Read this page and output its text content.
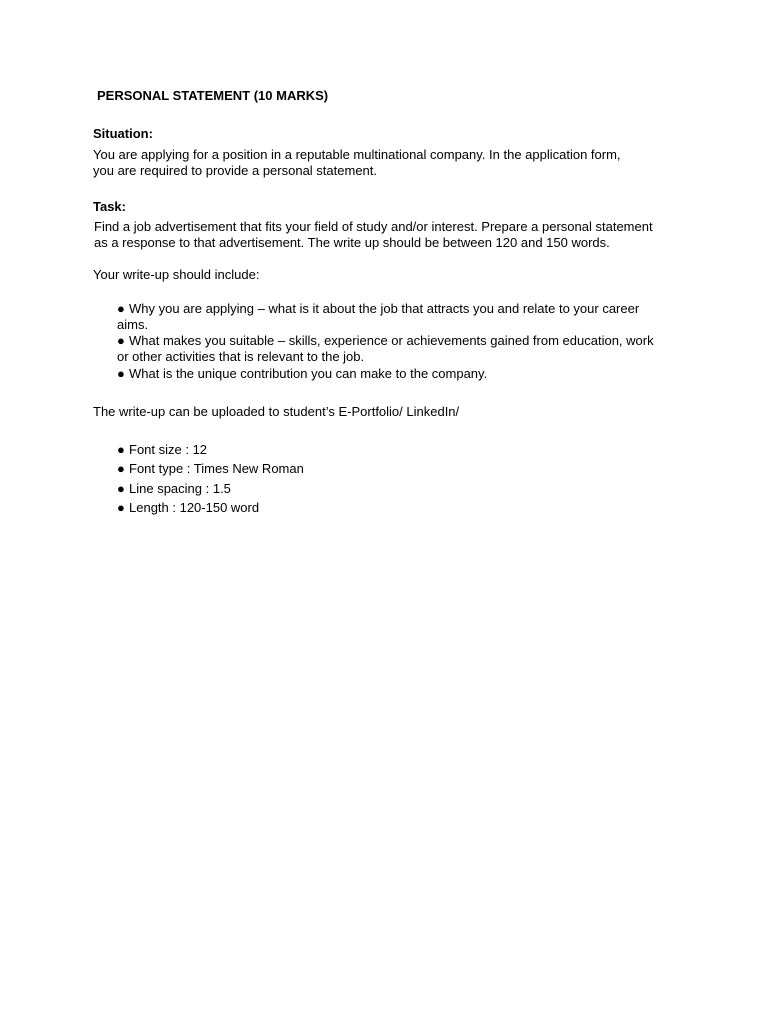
PERSONAL STATEMENT (10 MARKS)
Situation:
You are applying for a position in a reputable multinational company. In the application form,
you are required to provide a personal statement.
Task:
Find a job advertisement that fits your field of study and/or interest. Prepare a personal statement
as a response to that advertisement. The write up should be between 120 and 150 words.
Your write-up should include:
● Why you are applying – what is it about the job that attracts you and relate to your career
aims.
● What makes you suitable – skills, experience or achievements gained from education, work
or other activities that is relevant to the job.
● What is the unique contribution you can make to the company.
The write-up can be uploaded to student’s E-Portfolio/ LinkedIn/
● Font size : 12
● Font type : Times New Roman
● Line spacing : 1.5
● Length : 120-150 word
